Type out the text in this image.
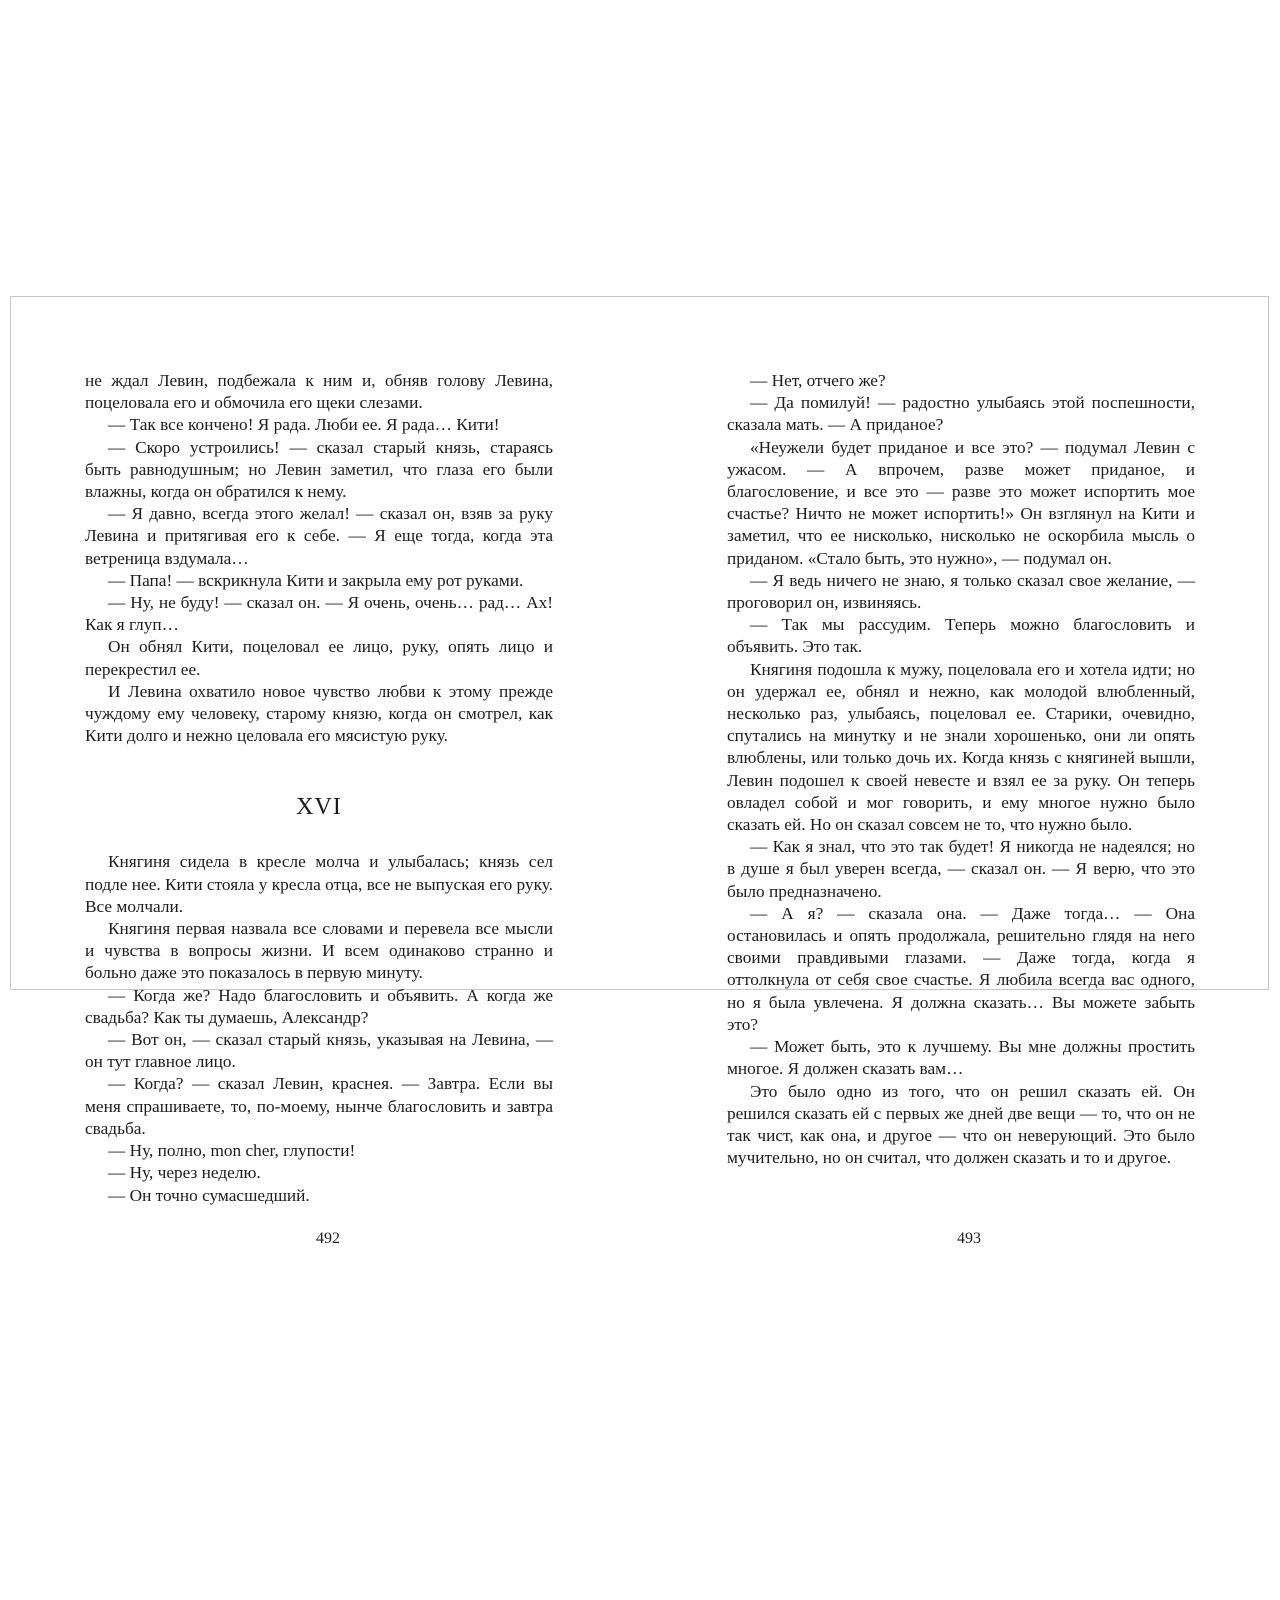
не ждал Левин, подбежала к ним и, обняв голову Левина, поцеловала его и обмочила его щеки слезами.

— Так все кончено! Я рада. Люби ее. Я рада… Кити!

— Скоро устроились! — сказал старый князь, стараясь быть равнодушным; но Левин заметил, что глаза его были влажны, когда он обратился к нему.

— Я давно, всегда этого желал! — сказал он, взяв за руку Левина и притягивая его к себе. — Я еще тогда, когда эта ветреница вздумала…

— Папа! — вскрикнула Кити и закрыла ему рот руками.

— Ну, не буду! — сказал он. — Я очень, очень… рад… Ах! Как я глуп…

Он обнял Кити, поцеловал ее лицо, руку, опять лицо и перекрестил ее.

И Левина охватило новое чувство любви к этому прежде чуждому ему человеку, старому князю, когда он смотрел, как Кити долго и нежно целовала его мясистую руку.

XVI

Княгиня сидела в кресле молча и улыбалась; князь сел подле нее. Кити стояла у кресла отца, все не выпуская его руку. Все молчали.

Княгиня первая назвала все словами и перевела все мысли и чувства в вопросы жизни. И всем одинаково странно и больно даже это показалось в первую минуту.

— Когда же? Надо благословить и объявить. А когда же свадьба? Как ты думаешь, Александр?

— Вот он, — сказал старый князь, указывая на Левина, — он тут главное лицо.

— Когда? — сказал Левин, краснея. — Завтра. Если вы меня спрашиваете, то, по-моему, нынче благословить и завтра свадьба.

— Ну, полно, mon cher, глупости!

— Ну, через неделю.

— Он точно сумасшедший.

— Нет, отчего же?

— Да помилуй! — радостно улыбаясь этой поспешности, сказала мать. — А приданое?

«Неужели будет приданое и все это? — подумал Левин с ужасом. — А впрочем, разве может приданое, и благословение, и все это — разве это может испортить мое счастье? Ничто не может испортить!» Он взглянул на Кити и заметил, что ее нисколько, нисколько не оскорбила мысль о приданом. «Стало быть, это нужно», — подумал он.

— Я ведь ничего не знаю, я только сказал свое желание, — проговорил он, извиняясь.

— Так мы рассудим. Теперь можно благословить и объявить. Это так.

Княгиня подошла к мужу, поцеловала его и хотела идти; но он удержал ее, обнял и нежно, как молодой влюбленный, несколько раз, улыбаясь, поцеловал ее. Старики, очевидно, спутались на минутку и не знали хорошенько, они ли опять влюблены, или только дочь их. Когда князь с княгиней вышли, Левин подошел к своей невесте и взял ее за руку. Он теперь овладел собой и мог говорить, и ему многое нужно было сказать ей. Но он сказал совсем не то, что нужно было.

— Как я знал, что это так будет! Я никогда не надеялся; но в душе я был уверен всегда, — сказал он. — Я верю, что это было предназначено.

— А я? — сказала она. — Даже тогда… — Она остановилась и опять продолжала, решительно глядя на него своими правдивыми глазами. — Даже тогда, когда я оттолкнула от себя свое счастье. Я любила всегда вас одного, но я была увлечена. Я должна сказать… Вы можете забыть это?

— Может быть, это к лучшему. Вы мне должны простить многое. Я должен сказать вам…

Это было одно из того, что он решил сказать ей. Он решился сказать ей с первых же дней две вещи — то, что он не так чист, как она, и другое — что он неверующий. Это было мучительно, но он считал, что должен сказать и то и другое.

492	493
